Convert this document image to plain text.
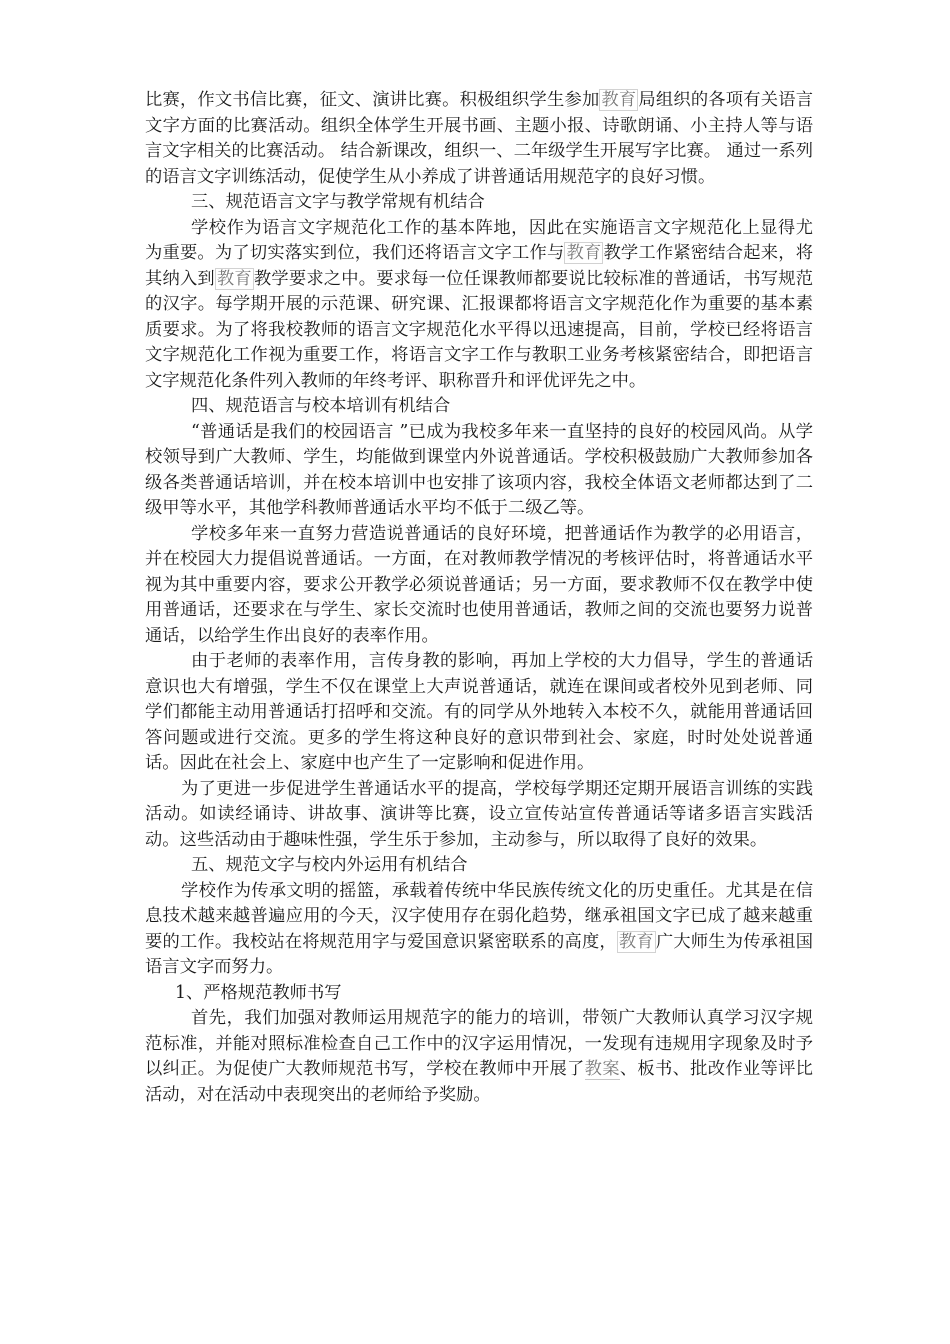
比赛，作文书信比赛，征文、演讲比赛。积极组织学生参加 教育 局组织的各项有关语言文字方面的比赛活动。组织全体学生开展书画、主题小报、诗歌朗诵、小主持人等与语言文字相关的比赛活动。 结合新课改，组织一、二年级学生开展写字比赛。 通过一系列的语言文字训练活动，促使学生从小养成了讲普通话用规范字的良好习惯。

三、规范语言文字与教学常规有机结合

学校作为语言文字规范化工作的基本阵地，因此在实施语言文字规范化上显得尤为重要。为了切实落实到位，我们还将语言文字工作与 教育 教学工作紧密结合起来，将其纳入到 教育 教学要求之中。要求每一位任课教师都要说比较标准的普通话，书写规范的汉字。每学期开展的示范课、研究课、汇报课都将语言文字规范化作为重要的基本素质要求。为了将我校教师的语言文字规范化水平得以迅速提高，目前，学校已经将语言文字规范化工作视为重要工作，将语言文字工作与教职工业务考核紧密结合，即把语言文字规范化条件列入教师的年终考评、职称晋升和评优评先之中。

四、规范语言与校本培训有机结合

“普通话是我们的校园语言 ”已成为我校多年来一直坚持的良好的校园风尚。从学校领导到广大教师、学生，均能做到课堂内外说普通话。学校积极鼓励广大教师参加各级各类普通话培训，并在校本培训中也安排了该项内容，我校全体语文老师都达到了二级甲等水平，其他学科教师普通话水平均不低于二级乙等。

学校多年来一直努力营造说普通话的良好环境，把普通话作为教学的必用语言，并在校园大力提倡说普通话。一方面，在对教师教学情况的考核评估时，将普通话水平视为其中重要内容，要求公开教学必须说普通话；另一方面，要求教师不仅在教学中使用普通话，还要求在与学生、家长交流时也使用普通话，教师之间的交流也要努力说普通话，以给学生作出良好的表率作用。

由于老师的表率作用，言传身教的影响，再加上学校的大力倡导，学生的普通话意识也大有增强，学生不仅在课堂上大声说普通话，就连在课间或者校外见到老师、同学们都能主动用普通话打招呼和交流。有的同学从外地转入本校不久，就能用普通话回答问题或进行交流。更多的学生将这种良好的意识带到社会、家庭，时时处处说普通话。因此在社会上、家庭中也产生了一定影响和促进作用。

为了更进一步促进学生普通话水平的提高，学校每学期还定期开展语言训练的实践活动。如读经诵诗、讲故事、演讲等比赛，设立宣传站宣传普通话等诸多语言实践活动。这些活动由于趣味性强，学生乐于参加，主动参与，所以取得了良好的效果。

五、规范文字与校内外运用有机结合

学校作为传承文明的摇篮，承载着传统中华民族传统文化的历史重任。尤其是在信息技术越来越普遍应用的今天，汉字使用存在弱化趋势，继承祖国文字已成了越来越重要的工作。我校站在将规范用字与爱国意识紧密联系的高度， 教育 广大师生为传承祖国语言文字而努力。

1、严格规范教师书写

首先，我们加强对教师运用规范字的能力的培训，带领广大教师认真学习汉字规范标准，并能对照标准检查自己工作中的汉字运用情况，一发现有违规用字现象及时予以纠正。为促使广大教师规范书写，学校在教师中开展了教案、板书、批改作业等评比活动，对在活动中表现突出的老师给予奖励。
